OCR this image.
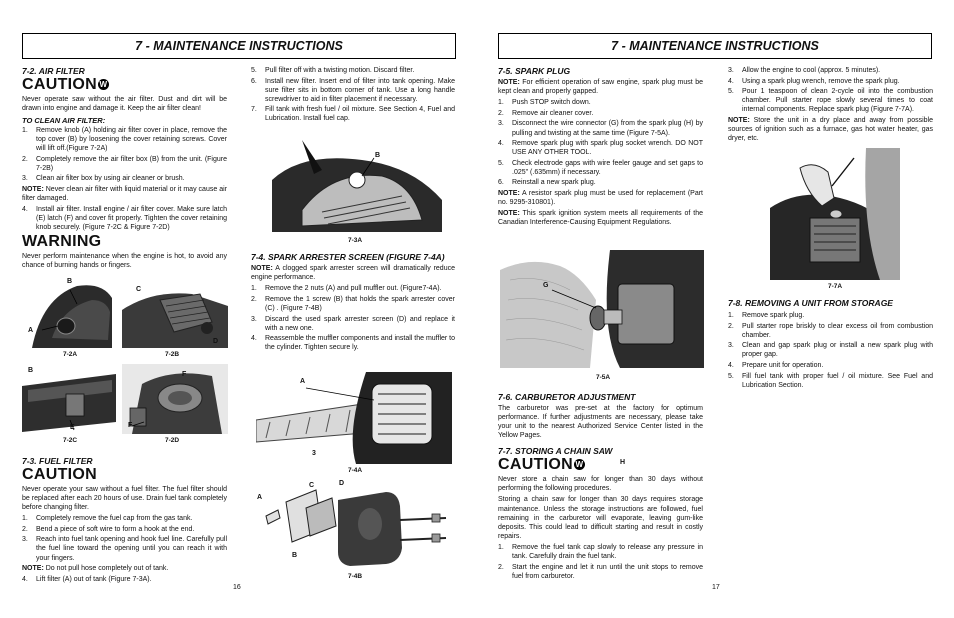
7 - MAINTENANCE INSTRUCTIONS	7 - MAINTENANCE INSTRUCTIONS
7-2. AIR FILTER
CAUTION W
Never operate saw without the air filter. Dust and dirt will be drawn into engine and damage it. Keep the air filter clean!
TO CLEAN AIR FILTER:
1.	Remove knob (A) holding air filter cover in place, remove the top cover (B) by loosening the cover retaining screws. Cover will lift off.(Figure 7-2A)
2.	Completely remove the air filter box (B) from the unit. (Figure 7-2B)
3.	Clean air filter box by using air cleaner or brush.
NOTE: Never clean air filter with liquid material or it may cause air filter damaged.
4.	Install air filter. Install engine / air filter cover. Make sure latch (E) latch (F) and cover fit properly. Tighten the cover retaining knob securely. (Figure 7-2C & Figure 7-2D)
WARNING
Never perform maintenance when the engine is hot, to avoid any chance of burning hands or fingers.
B
A
7-2A
C
D
7-2B
B
E
7-2C
F
F
7-2D
7-3. FUEL FILTER
CAUTION
Never operate your saw without a fuel filter. The fuel filter should be replaced after each 20 hours of use. Drain fuel tank completely before changing filter.
1.	Completely remove the fuel cap from the gas tank.
2.	Bend a piece of soft wire to form a hook at the end.
3.	Reach into fuel tank opening and hook fuel line. Carefully pull the fuel line toward the opening until you can reach it with your fingers.
NOTE: Do not pull hose completely out of tank.
4.	Lift filter (A) out of tank (Figure 7-3A).
16
5.	Pull filter off with a twisting motion. Discard filter.
6.	Install new filter. Insert end of filter into tank opening. Make sure filter sits in bottom corner of tank. Use a long handle screwdriver to aid in filter placement if necessary.
7.	Fill tank with fresh fuel / oil mixture. See Section 4, Fuel and Lubrication. Install fuel cap.
B
7-3A
7-4. SPARK ARRESTER SCREEN (FIGURE 7-4A)
NOTE: A clogged spark arrester screen will dramatically reduce engine performance.
1.	Remove the 2 nuts (A) and pull muffler out. (Figure7-4A).
2.	Remove the 1 screw (B) that holds the spark arrester cover (C) . (Figure 7-4B)
3.	Discard the used spark arrester screen (D) and replace it with a new one.
4.	Reassemble the muffler components and install the muffler to the cylinder. Tighten secure ly.
A
3
7-4A
A
B
C	D
7-4B
7-5. SPARK PLUG
NOTE: For efficient operation of saw engine, spark plug must be kept clean and properly gapped.
1.	Push STOP switch down.
2.	Remove air cleaner cover.
3.	Disconnect the wire connector (G) from the spark plug (H) by pulling and twisting at the same time (Figure 7-5A).
4.	Remove spark plug with spark plug socket wrench. DO NOT USE ANY OTHER TOOL.
5.	Check electrode gaps with wire feeler gauge and set gaps to .025" (.635mm) if necessary.
6.	Reinstall a new spark plug.
NOTE: A resistor spark plug must be used for replacement (Part no. 9295-310801).
NOTE: This spark ignition system meets all requirements of the Canadian Interference-Causing Equipment Regulations.
G
H
7-5A
7-6. CARBURETOR ADJUSTMENT
The carburetor was pre-set at the factory for optimum performance. If further adjustments are necessary, please take your unit to the nearest Authorized Service Center listed in the Yellow Pages.
7-7. STORING A CHAIN SAW
CAUTION W
Never store a chain saw for longer than 30 days without performing the following procedures.
Storing a chain saw for longer than 30 days requires storage maintenance. Unless the storage instructions are followed, fuel remaining in the carburetor will evaporate, leaving gum-like deposits. This could lead to difficult starting and result in costly repairs.
1.	Remove the fuel tank cap slowly to release any pressure in tank. Carefully drain the fuel tank.
2.	Start the engine and let it run until the unit stops to remove fuel from carburetor.
3.	Allow the engine to cool (approx. 5 minutes).
4.	Using a spark plug wrench, remove the spark plug.
5.	Pour 1 teaspoon of clean 2-cycle oil into the combustion chamber. Pull starter rope slowly several times to coat internal components. Replace spark plug (Figure 7-7A).
NOTE: Store the unit in a dry place and away from possible sources of ignition such as a furnace, gas hot water heater, gas dryer, etc.
7-7A
7-8. REMOVING A UNIT FROM STORAGE
1.	Remove spark plug.
2.	Pull starter rope briskly to clear excess oil from combustion chamber.
3.	Clean and gap spark plug or install a new spark plug with proper gap.
4.	Prepare unit for operation.
5.	Fill fuel tank with proper fuel / oil mixture. See Fuel and Lubrication Section.
17
